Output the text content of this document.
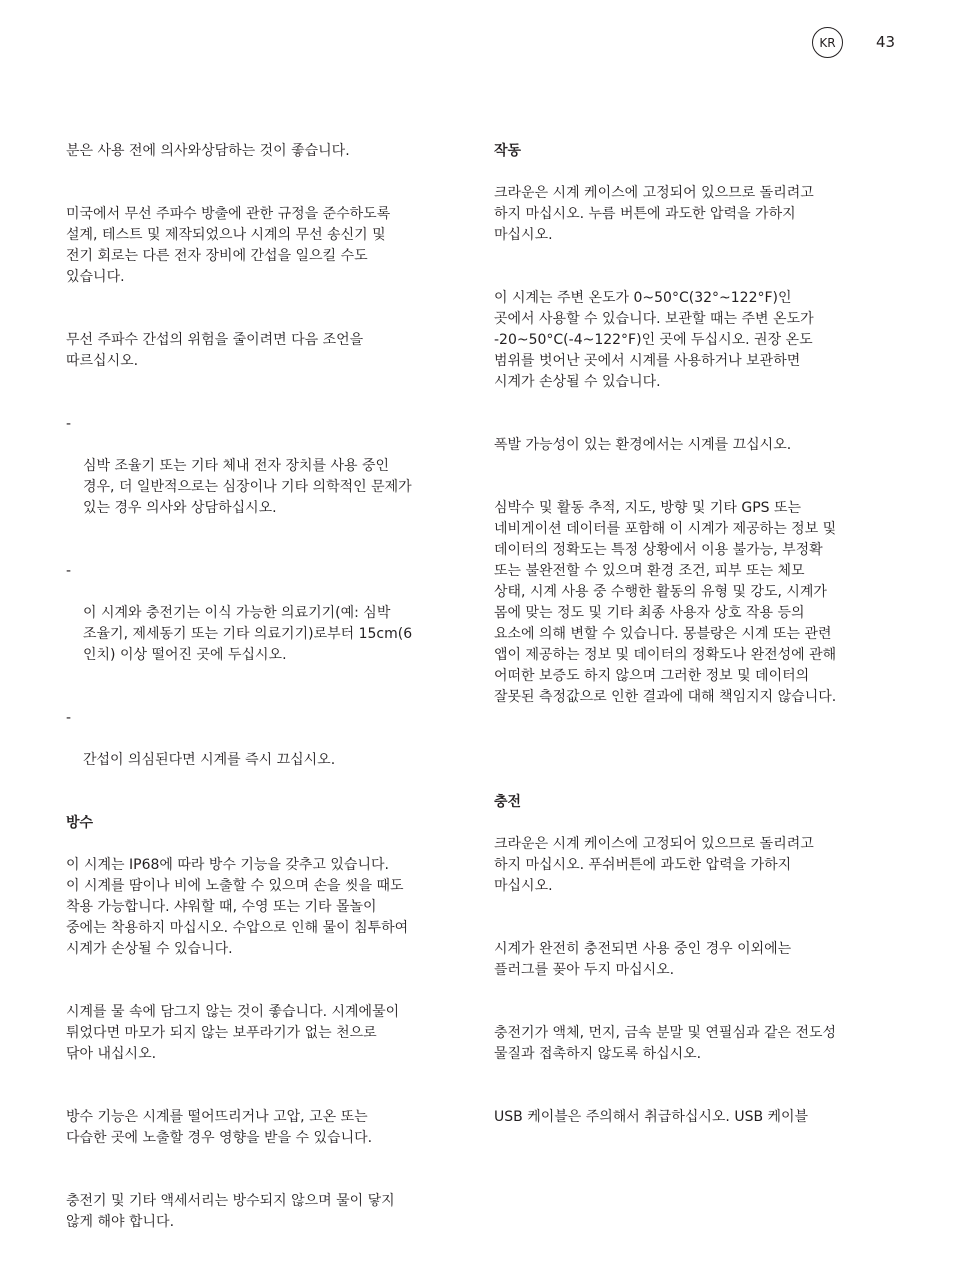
KR	43

분은 사용 전에 의사와상담하는 것이 좋습니다.

미국에서 무선 주파수 방출에 관한 규정을 준수하도록
설계, 테스트 및 제작되었으나 시계의 무선 송신기 및
전기 회로는 다른 전자 장비에 간섭을 일으킬 수도
있습니다.

무선 주파수 간섭의 위험을 줄이려면 다음 조언을
따르십시오.

-

심박 조율기 또는 기타 체내 전자 장치를 사용 중인
경우, 더 일반적으로는 심장이나 기타 의학적인 문제가
있는 경우 의사와 상담하십시오.

-

이 시계와 충전기는 이식 가능한 의료기기(예: 심박
조율기, 제세동기 또는 기타 의료기기)로부터 15cm(6
인치) 이상 떨어진 곳에 두십시오.

-

간섭이 의심된다면 시계를 즉시 끄십시오.

방수

이 시계는 IP68에 따라 방수 기능을 갖추고 있습니다.
이 시계를 땀이나 비에 노출할 수 있으며 손을 씻을 때도
착용 가능합니다. 샤워할 때, 수영 또는 기타 몰놀이
중에는 착용하지 마십시오. 수압으로 인해 물이 침투하여
시계가 손상될 수 있습니다.

시계를 물 속에 담그지 않는 것이 좋습니다. 시계에물이
튀었다면 마모가 되지 않는 보푸라기가 없는 천으로
닦아 내십시오.

방수 기능은 시계를 떨어뜨리거나 고압, 고온 또는
다습한 곳에 노출할 경우 영향을 받을 수 있습니다.

충전기 및 기타 액세서리는 방수되지 않으며 물이 닿지
않게 해야 합니다.

작동

크라운은 시계 케이스에 고정되어 있으므로 돌리려고
하지 마십시오. 누름 버튼에 과도한 압력을 가하지
마십시오.

이 시계는 주변 온도가 0~50°C(32°~122°F)인
곳에서 사용할 수 있습니다. 보관할 때는 주변 온도가
-20~50°C(-4~122°F)인 곳에 두십시오. 권장 온도
범위를 벗어난 곳에서 시계를 사용하거나 보관하면
시계가 손상될 수 있습니다.

폭발 가능성이 있는 환경에서는 시계를 끄십시오.

심박수 및 활동 추적, 지도, 방향 및 기타 GPS 또는
네비게이션 데이터를 포함해 이 시계가 제공하는 정보 및
데이터의 정확도는 특정 상황에서 이용 불가능, 부정확
또는 불완전할 수 있으며 환경 조건, 피부 또는 체모
상태, 시계 사용 중 수행한 활동의 유형 및 강도, 시계가
몸에 맞는 정도 및 기타 최종 사용자 상호 작용 등의
요소에 의해 변할 수 있습니다. 몽블랑은 시계 또는 관련
앱이 제공하는 정보 및 데이터의 정확도나 완전성에 관해
어떠한 보증도 하지 않으며 그러한 정보 및 데이터의
잘못된 측정값으로 인한 결과에 대해 책임지지 않습니다.

충전

크라운은 시계 케이스에 고정되어 있으므로 돌리려고
하지 마십시오. 푸쉬버튼에 과도한 압력을 가하지
마십시오.

시계가 완전히 충전되면 사용 중인 경우 이외에는
플러그를 꽂아 두지 마십시오.

충전기가 액체, 먼지, 금속 분말 및 연필심과 같은 전도성
물질과 접촉하지 않도록 하십시오.

USB 케이블은 주의해서 취급하십시오. USB 케이블
